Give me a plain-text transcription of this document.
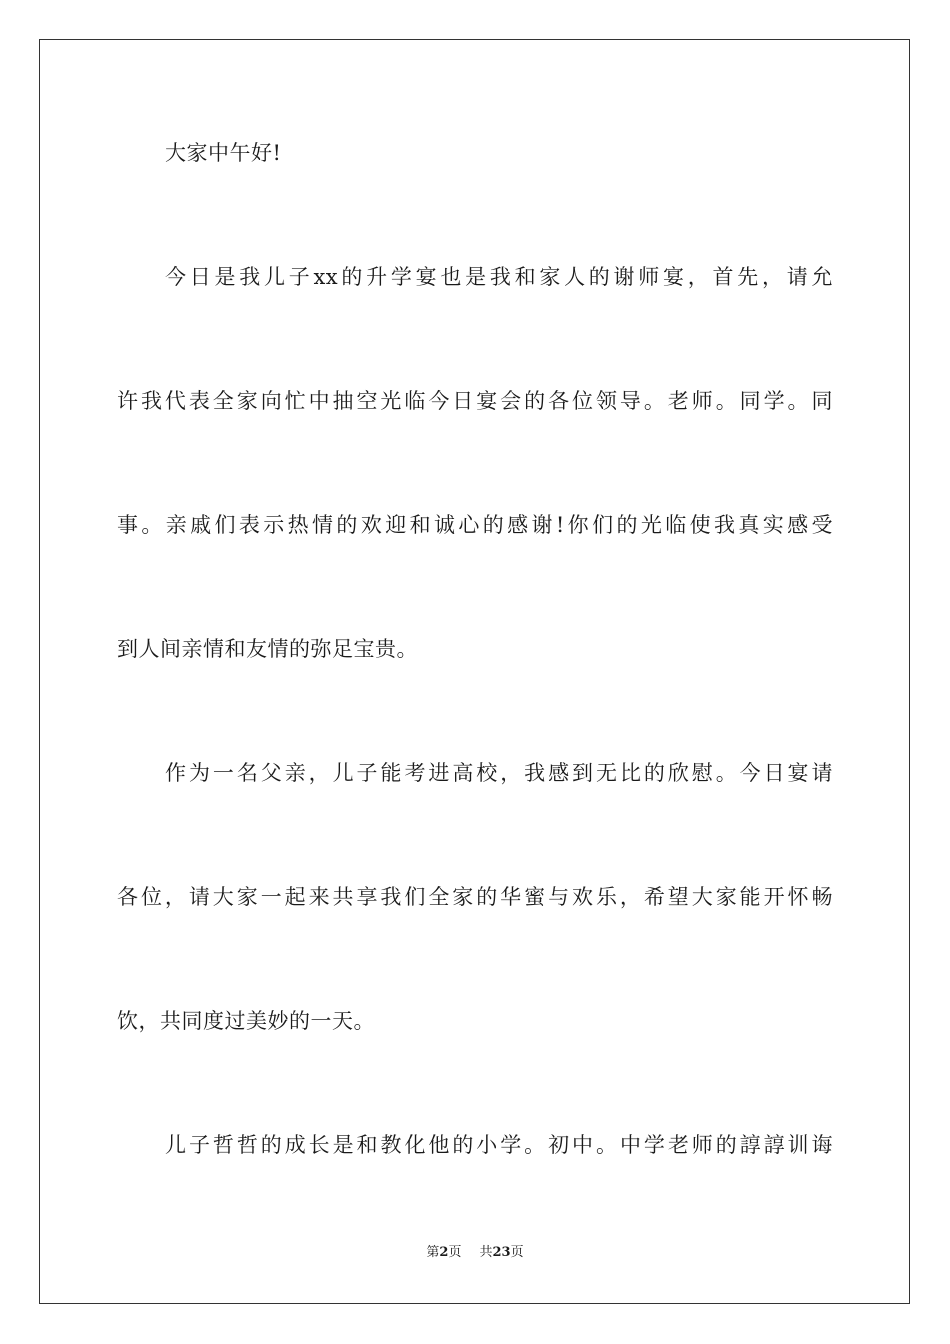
大家中午好!
今日是我儿子xx的升学宴也是我和家人的谢师宴，首先，请允
许我代表全家向忙中抽空光临今日宴会的各位领导。老师。同学。同
事。亲戚们表示热情的欢迎和诚心的感谢!你们的光临使我真实感受
到人间亲情和友情的弥足宝贵。
作为一名父亲，儿子能考进高校，我感到无比的欣慰。今日宴请
各位，请大家一起来共享我们全家的华蜜与欢乐，希望大家能开怀畅
饮，共同度过美妙的一天。
儿子哲哲的成长是和教化他的小学。初中。中学老师的諄諄训诲
第2页 共23页
